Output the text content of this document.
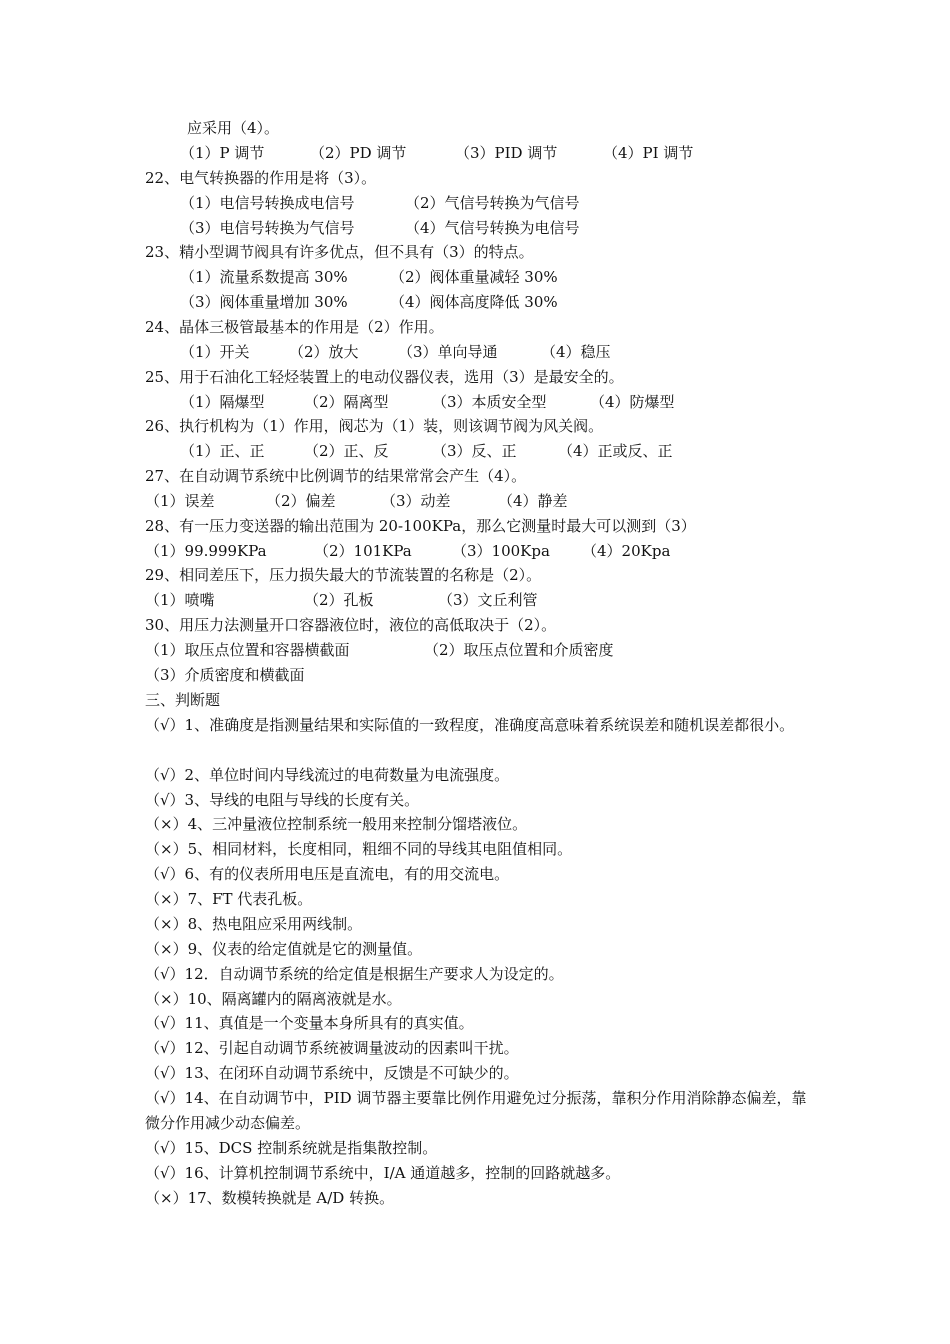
应采用（4）。
（1）P 调节	（2）PD 调节	（3）PID 调节	（4）PI 调节
22、电气转换器的作用是将（3）。
（1）电信号转换成电信号	（2）气信号转换为气信号
（3）电信号转换为气信号	（4）气信号转换为电信号
23、精小型调节阀具有许多优点，但不具有（3）的特点。
（1）流量系数提高 30%	（2）阀体重量减轻 30%
（3）阀体重量增加 30%	（4）阀体高度降低 30%
24、晶体三极管最基本的作用是（2）作用。
（1）开关	（2）放大	（3）单向导通	（4）稳压
25、用于石油化工轻烃装置上的电动仪器仪表，选用（3）是最安全的。
（1）隔爆型	（2）隔离型	（3）本质安全型	（4）防爆型
26、执行机构为（1）作用，阀芯为（1）装，则该调节阀为风关阀。
（1）正、正	（2）正、反	（3）反、正	（4）正或反、正
27、在自动调节系统中比例调节的结果常常会产生（4）。
（1）误差	（2）偏差	（3）动差	（4）静差
28、有一压力变送器的输出范围为 20-100KPa，那么它测量时最大可以测到（3）
（1）99.999KPa	（2）101KPa	（3）100Kpa （4）20Kpa
29、相同差压下，压力损失最大的节流装置的名称是（2）。
（1）喷嘴	（2）孔板	（3）文丘利管
30、用压力法测量开口容器液位时，液位的高低取决于（2）。
（1）取压点位置和容器横截面	（2）取压点位置和介质密度
（3）介质密度和横截面
三、判断题
（√）1、准确度是指测量结果和实际值的一致程度，准确度高意味着系统误差和随机误差都很小。
（√）2、单位时间内导线流过的电荷数量为电流强度。
（√）3、导线的电阻与导线的长度有关。
（×）4、三冲量液位控制系统一般用来控制分馏塔液位。
（×）5、相同材料，长度相同，粗细不同的导线其电阻值相同。
（√）6、有的仪表所用电压是直流电，有的用交流电。
（×）7、FT 代表孔板。
（×）8、热电阻应采用两线制。
（×）9、仪表的给定值就是它的测量值。
（√）12．自动调节系统的给定值是根据生产要求人为设定的。
（×）10、隔离罐内的隔离液就是水。
（√）11、真值是一个变量本身所具有的真实值。
（√）12、引起自动调节系统被调量波动的因素叫干扰。
（√）13、在闭环自动调节系统中，反馈是不可缺少的。
（√）14、在自动调节中，PID 调节器主要靠比例作用避免过分振荡，靠积分作用消除静态偏差，靠微分作用减少动态偏差。
（√）15、DCS 控制系统就是指集散控制。
（√）16、计算机控制调节系统中，I/A 通道越多，控制的回路就越多。
（×）17、数模转换就是 A/D 转换。
